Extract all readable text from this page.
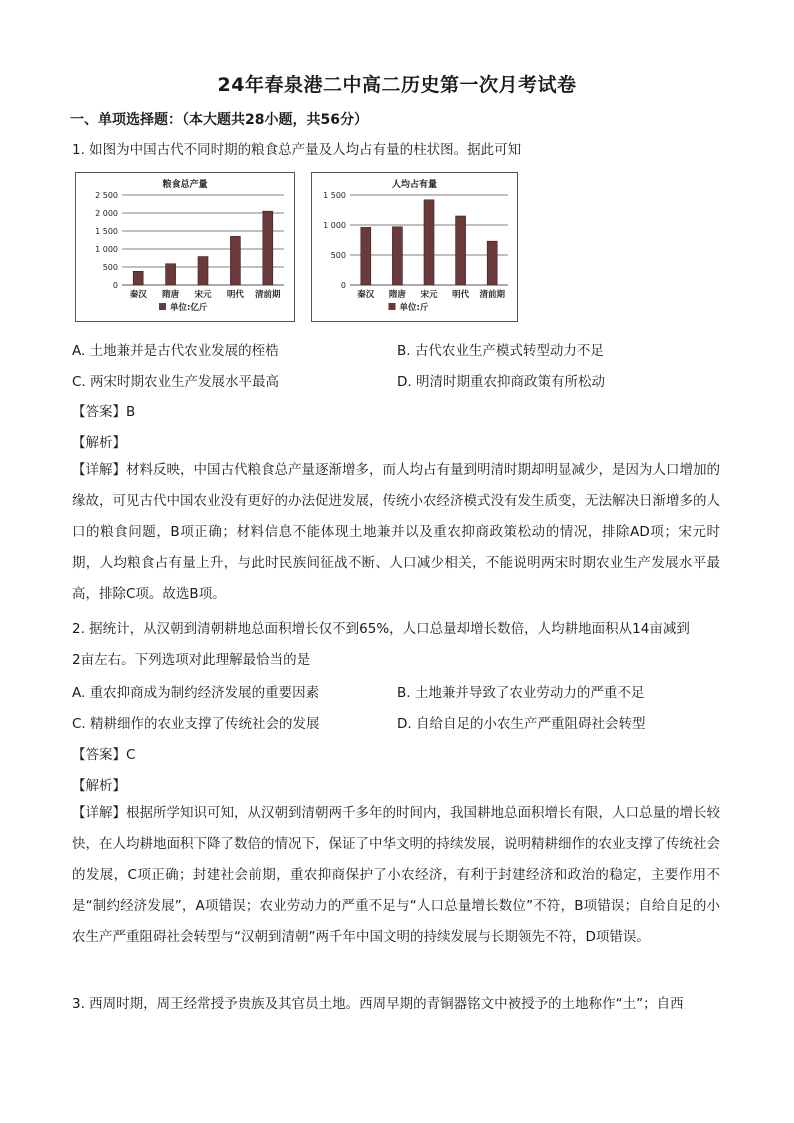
24年春泉港二中高二历史第一次月考试卷
一、单项选择题：（本大题共28小题，共56分）
1. 如图为中国古代不同时期的粮食总产量及人均占有量的柱状图。据此可知
粮食总产量
0
500
1 000
1 500
2 000
2 500
秦汉 隋唐 宋元 明代 清前期
单位:亿斤
人均占有量
0
500
1 000
1 500
秦汉 隋唐 宋元 明代 清前期
单位:斤
A. 土地兼并是古代农业发展的桎梏	B. 古代农业生产模式转型动力不足
C. 两宋时期农业生产发展水平最高	D. 明清时期重农抑商政策有所松动
【答案】B
【解析】
【详解】材料反映，中国古代粮食总产量逐渐增多，而人均占有量到明清时期却明显减少，是因为人口增加的缘故，可见古代中国农业没有更好的办法促进发展，传统小农经济模式没有发生质变，无法解决日渐增多的人口的粮食问题，B项正确；材料信息不能体现土地兼并以及重农抑商政策松动的情况，排除AD项；宋元时期，人均粮食占有量上升，与此时民族间征战不断、人口减少相关，不能说明两宋时期农业生产发展水平最高，排除C项。故选B项。
2. 据统计，从汉朝到清朝耕地总面积增长仅不到65%，人口总量却增长数倍，人均耕地面积从14亩减到
2亩左右。下列选项对此理解最恰当的是
A. 重农抑商成为制约经济发展的重要因素	B. 土地兼并导致了农业劳动力的严重不足
C. 精耕细作的农业支撑了传统社会的发展	D. 自给自足的小农生产严重阻碍社会转型
【答案】C
【解析】
【详解】根据所学知识可知，从汉朝到清朝两千多年的时间内，我国耕地总面积增长有限，人口总量的增长较快，在人均耕地面积下降了数倍的情况下，保证了中华文明的持续发展，说明精耕细作的农业支撑了传统社会的发展，C项正确；封建社会前期，重农抑商保护了小农经济，有利于封建经济和政治的稳定，主要作用不是“制约经济发展”，A项错误；农业劳动力的严重不足与“人口总量增长数位”不符，B项错误；自给自足的小农生产严重阻碍社会转型与“汉朝到清朝”两千年中国文明的持续发展与长期领先不符，D项错误。
3. 西周时期，周王经常授予贵族及其官员土地。西周早期的青铜器铭文中被授予的土地称作“土”；自西
